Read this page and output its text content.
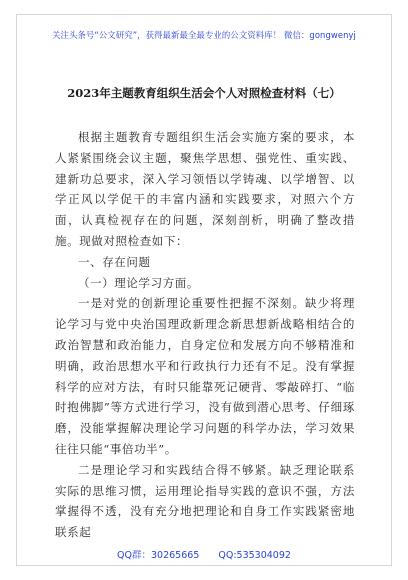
关注头条号“公文研究”，获得最新最全最专业的公文资料库！ 微信：gongwenyj
2023年主题教育组织生活会个人对照检查材料（七）

根据主题教育专题组织生活会实施方案的要求，本人紧紧围绕会议主题，聚焦学思想、强党性、重实践、建新功总要求，深入学习领悟以学铸魂、以学增智、以学正风以学促干的丰富内涵和实践要求，对照六个方面，认真检视存在的问题，深刻剖析，明确了整改措施。现做对照检查如下：

一、存在问题

（一）理论学习方面。

一是对党的创新理论重要性把握不深刻。缺少将理论学习与党中央治国理政新理念新思想新战略相结合的政治智慧和政治能力，自身定位和发展方向不够精准和明确，政治思想水平和行政执行力还有不足。没有掌握科学的应对方法，有时只能靠死记硬背、零敲碎打、“临时抱佛脚”等方式进行学习，没有做到潜心思考、仔细琢磨，没能掌握解决理论学习问题的科学办法，学习效果往往只能“事倍功半”。

二是理论学习和实践结合得不够紧。缺乏理论联系实际的思维习惯，运用理论指导实践的意识不强，方法掌握得不透，没有充分地把理论和自身工作实践紧密地联系起

QQ群：30265665 QQ:535304092
